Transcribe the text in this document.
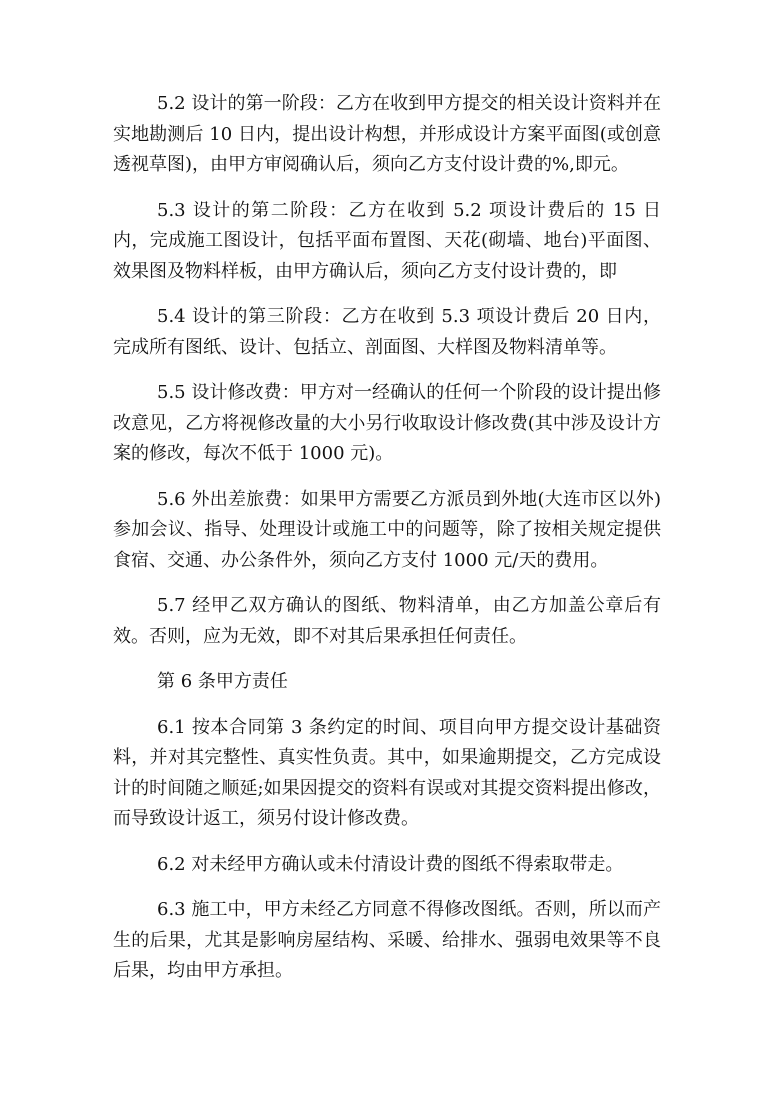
5.2 设计的第一阶段：乙方在收到甲方提交的相关设计资料并在实地勘测后 10 日内，提出设计构想，并形成设计方案平面图(或创意透视草图)，由甲方审阅确认后，须向乙方支付设计费的%,即元。

5.3 设计的第二阶段：乙方在收到 5.2 项设计费后的 15 日内，完成施工图设计，包括平面布置图、天花(砌墙、地台)平面图、效果图及物料样板，由甲方确认后，须向乙方支付设计费的，即

5.4 设计的第三阶段：乙方在收到 5.3 项设计费后 20 日内，完成所有图纸、设计、包括立、剖面图、大样图及物料清单等。

5.5 设计修改费：甲方对一经确认的任何一个阶段的设计提出修改意见，乙方将视修改量的大小另行收取设计修改费(其中涉及设计方案的修改，每次不低于 1000 元)。

5.6 外出差旅费：如果甲方需要乙方派员到外地(大连市区以外)参加会议、指导、处理设计或施工中的问题等，除了按相关规定提供食宿、交通、办公条件外，须向乙方支付 1000 元/天的费用。

5.7 经甲乙双方确认的图纸、物料清单，由乙方加盖公章后有效。否则，应为无效，即不对其后果承担任何责任。

第 6 条甲方责任

6.1 按本合同第 3 条约定的时间、项目向甲方提交设计基础资料，并对其完整性、真实性负责。其中，如果逾期提交，乙方完成设计的时间随之顺延;如果因提交的资料有误或对其提交资料提出修改，而导致设计返工，须另付设计修改费。

6.2 对未经甲方确认或未付清设计费的图纸不得索取带走。

6.3 施工中，甲方未经乙方同意不得修改图纸。否则，所以而产生的后果，尤其是影响房屋结构、采暖、给排水、强弱电效果等不良后果，均由甲方承担。
